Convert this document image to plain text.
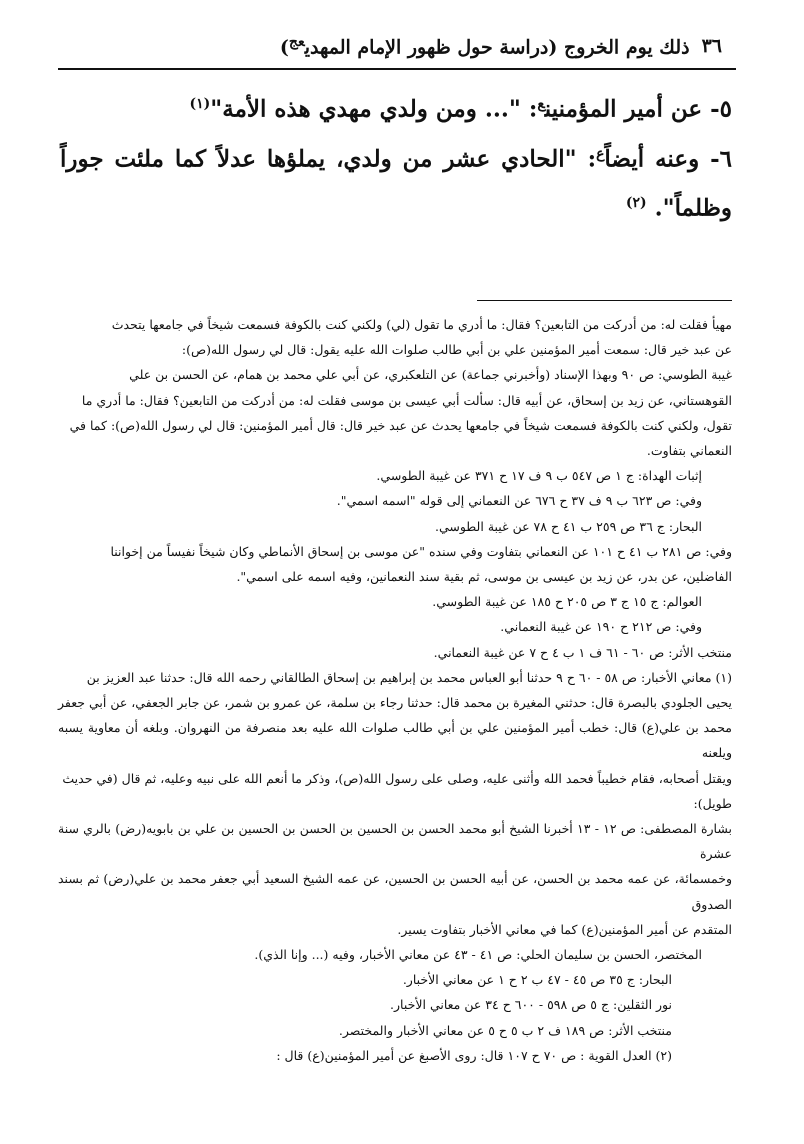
٣٦
ذلك يوم الخروج (دراسة حول ظهور الإمام المهدي$^{عج}$)

٥- عن أمير المؤمنين$^ع$: "... ومن ولدي مهدي هذه الأمة"$^{(١)}$

٦- وعنه أيضاً$^ع$: "الحادي عشر من ولدي، يملؤها عدلاً كما ملئت جوراً وظلماً". $^{(٢)}$

مهيأ فقلت له: من أدركت من التابعين؟ فقال: ما أدري ما تقول (لي) ولكني كنت بالكوفة فسمعت شيخاً في جامعها يتحدث

عن عبد خير قال: سمعت أمير المؤمنين علي بن أبي طالب صلوات الله عليه يقول: قال لي رسول الله(ص):

غيبة الطوسي: ص ٩٠ وبهذا الإسناد (وأخبرني جماعة) عن التلعكبري، عن أبي علي محمد بن همام، عن الحسن بن علي

القوهستاني، عن زيد بن إسحاق، عن أبيه قال: سألت أبي عيسى بن موسى فقلت له: من أدركت من التابعين؟ فقال: ما أدري ما

تقول، ولكني كنت بالكوفة فسمعت شيخاً في جامعها يحدث عن عبد خير قال: قال أمير المؤمنين: قال لي رسول الله(ص): كما في

النعماني بتفاوت.

إثبات الهداة: ج ١ ص ٥٤٧ ب ٩ ف ١٧ ح ٣٧١ عن غيبة الطوسي.

وفي: ص ٦٢٣ ب ٩ ف ٣٧ ح ٦٧٦ عن النعماني إلى قوله "اسمه اسمي".

البحار: ج ٣٦ ص ٢٥٩ ب ٤١ ح ٧٨ عن غيبة الطوسي.

وفي: ص ٢٨١ ب ٤١ ح ١٠١ عن النعماني بتفاوت وفي سنده "عن موسى بن إسحاق الأنماطي وكان شيخاً نفيساً من إخواننا

الفاضلين، عن بدر، عن زيد بن عيسى بن موسى، ثم بقية سند النعمانين، وفيه اسمه على اسمي".

العوالم: ج ١٥ ج ٣ ص ٢٠٥ ح ١٨٥ عن غيبة الطوسي.

وفي: ص ٢١٢ ح ١٩٠ عن غيبة النعماني.

منتخب الأثر: ص ٦٠ - ٦١ ف ١ ب ٤ ح ٧ عن غيبة النعماني.

(١) معاني الأخبار: ص ٥٨ - ٦٠ ح ٩ حدثنا أبو العباس محمد بن إبراهيم بن إسحاق الطالقاني رحمه الله قال: حدثنا عبد العزيز بن

يحيى الجلودي بالبصرة قال: حدثني المغيرة بن محمد قال: حدثنا رجاء بن سلمة، عن عمرو بن شمر، عن جابر الجعفي، عن أبي جعفر

محمد بن علي(ع) قال: خطب أمير المؤمنين علي بن أبي طالب صلوات الله عليه بعد منصرفة من النهروان. وبلغه أن معاوية يسبه ويلعنه

ويقتل أصحابه، فقام خطيباً فحمد الله وأثنى عليه، وصلى على رسول الله(ص)، وذكر ما أنعم الله على نبيه وعليه، ثم قال (في حديث

طويل):

بشارة المصطفى: ص ١٢ - ١٣ أخبرنا الشيخ أبو محمد الحسن بن الحسين بن الحسن بن الحسين بن علي بن بابويه(رض) بالري سنة عشرة

وخمسمائة، عن عمه محمد بن الحسن، عن أبيه الحسن بن الحسين، عن عمه الشيخ السعيد أبي جعفر محمد بن علي(رض) ثم بسند الصدوق

المتقدم عن أمير المؤمنين(ع) كما في معاني الأخبار بتفاوت يسير.

المختصر، الحسن بن سليمان الحلي: ص ٤١ - ٤٣ عن معاني الأخبار، وفيه (... وإنا الذي).

البحار: ج ٣٥ ص ٤٥ - ٤٧ ب ٢ ح ١ عن معاني الأخبار.

نور الثقلين: ج ٥ ص ٥٩٨ - ٦٠٠ ح ٣٤ عن معاني الأخبار.

منتخب الأثر: ص ١٨٩ ف ٢ ب ٥ ح ٥ عن معاني الأخبار والمختصر.

(٢) العدل القوية : ص ٧٠ ح ١٠٧ قال: روى الأصبغ عن أمير المؤمنين(ع) قال :
